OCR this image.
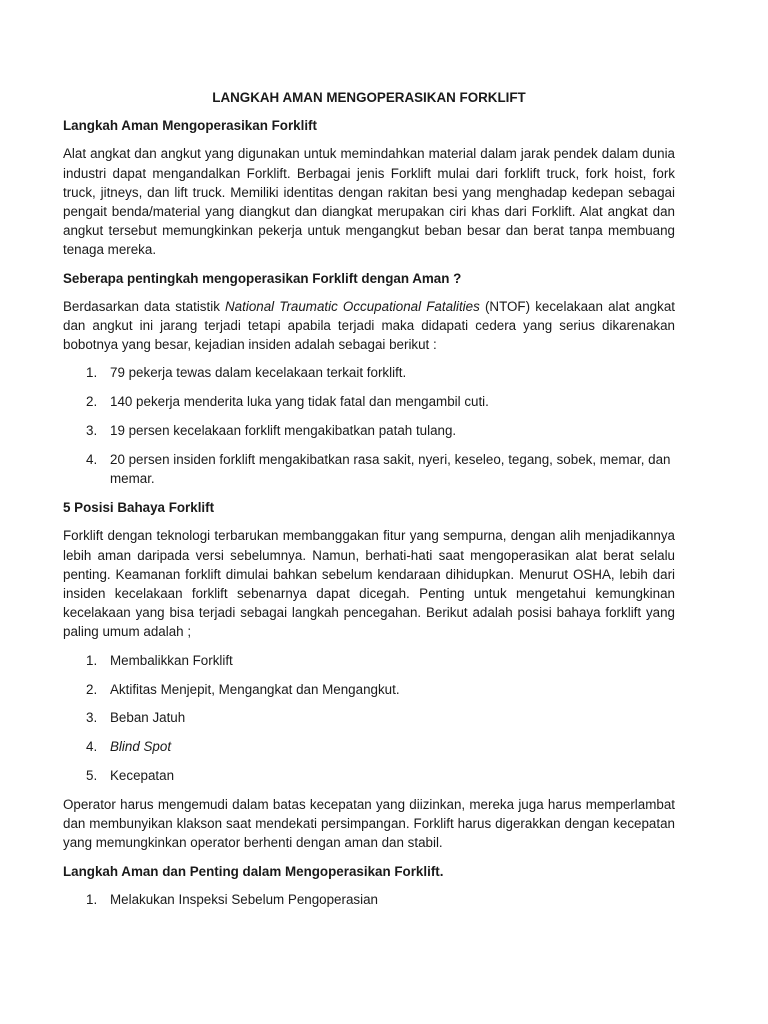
LANGKAH AMAN MENGOPERASIKAN FORKLIFT
Langkah Aman Mengoperasikan Forklift

Alat angkat dan angkut yang digunakan untuk memindahkan material dalam jarak pendek dalam dunia industri dapat mengandalkan Forklift. Berbagai jenis Forklift mulai dari forklift truck, fork hoist, fork truck, jitneys, dan lift truck. Memiliki identitas dengan rakitan besi yang menghadap kedepan sebagai pengait benda/material yang diangkut dan diangkat merupakan ciri khas dari Forklift. Alat angkat dan angkut tersebut memungkinkan pekerja untuk mengangkut beban besar dan berat tanpa membuang tenaga mereka.

Seberapa pentingkah mengoperasikan Forklift dengan Aman ?

Berdasarkan data statistik National Traumatic Occupational Fatalities (NTOF) kecelakaan alat angkat dan angkut ini jarang terjadi tetapi apabila terjadi maka didapati cedera yang serius dikarenakan bobotnya yang besar, kejadian insiden adalah sebagai berikut :

1. 79 pekerja tewas dalam kecelakaan terkait forklift.
2. 140 pekerja menderita luka yang tidak fatal dan mengambil cuti.
3. 19 persen kecelakaan forklift mengakibatkan patah tulang.
4. 20 persen insiden forklift mengakibatkan rasa sakit, nyeri, keseleo, tegang, sobek, memar, dan memar.
5 Posisi Bahaya Forklift

Forklift dengan teknologi terbarukan membanggakan fitur yang sempurna, dengan alih menjadikannya lebih aman daripada versi sebelumnya. Namun, berhati-hati saat mengoperasikan alat berat selalu penting. Keamanan forklift dimulai bahkan sebelum kendaraan dihidupkan. Menurut OSHA, lebih dari insiden kecelakaan forklift sebenarnya dapat dicegah. Penting untuk mengetahui kemungkinan kecelakaan yang bisa terjadi sebagai langkah pencegahan. Berikut adalah posisi bahaya forklift yang paling umum adalah ;

1. Membalikkan Forklift
2. Aktifitas Menjepit, Mengangkat dan Mengangkut.
3. Beban Jatuh
4. Blind Spot
5. Kecepatan

Operator harus mengemudi dalam batas kecepatan yang diizinkan, mereka juga harus memperlambat dan membunyikan klakson saat mendekati persimpangan. Forklift harus digerakkan dengan kecepatan yang memungkinkan operator berhenti dengan aman dan stabil.

Langkah Aman dan Penting dalam Mengoperasikan Forklift.
1. Melakukan Inspeksi Sebelum Pengoperasian
